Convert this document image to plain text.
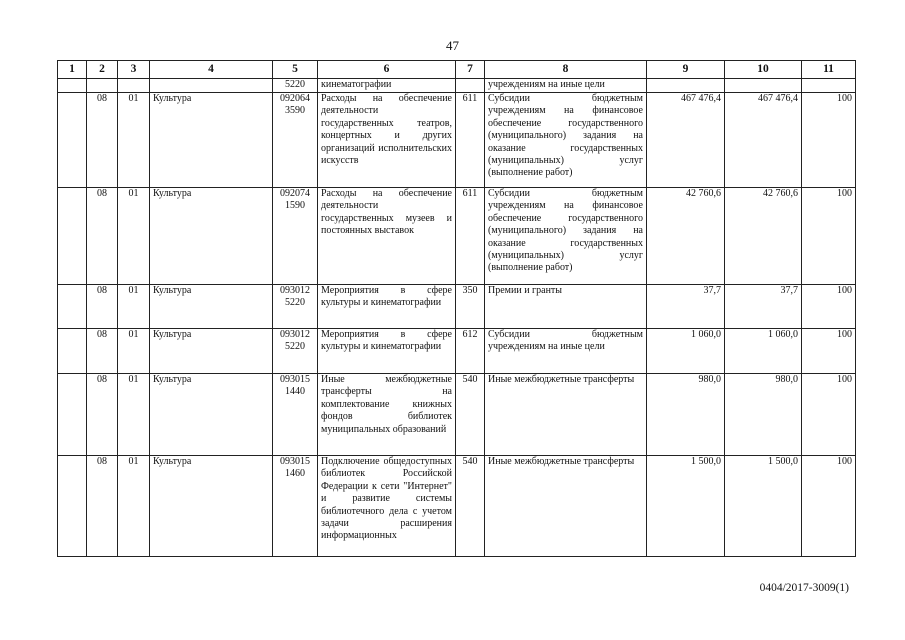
47
1	2	3	4	5	6	7	8	9	10	11
				5220	кинематографии		учреждениям на иные цели			
	08	01	Культура	092064 3590	Расходы на обеспечение деятельности государственных театров, концертных и других организаций исполнительских искусств	611	Субсидии бюджетным учреждениям на финансовое обеспечение государственного (муниципального) задания на оказание государственных (муниципальных) услуг (выполнение работ)	467 476,4	467 476,4	100
	08	01	Культура	092074 1590	Расходы на обеспечение деятельности государственных музеев и постоянных выставок	611	Субсидии бюджетным учреждениям на финансовое обеспечение государственного (муниципального) задания на оказание государственных (муниципальных) услуг (выполнение работ)	42 760,6	42 760,6	100
	08	01	Культура	093012 5220	Мероприятия в сфере культуры и кинематографии	350	Премии и гранты	37,7	37,7	100
	08	01	Культура	093012 5220	Мероприятия в сфере культуры и кинематографии	612	Субсидии бюджетным учреждениям на иные цели	1 060,0	1 060,0	100
	08	01	Культура	093015 1440	Иные межбюджетные трансферты на комплектование книжных фондов библиотек муниципальных образований	540	Иные межбюджетные трансферты	980,0	980,0	100
	08	01	Культура	093015 1460	Подключение общедоступных библиотек Российской Федерации к сети "Интернет" и развитие системы библиотечного дела с учетом задачи расширения информационных	540	Иные межбюджетные трансферты	1 500,0	1 500,0	100
0404/2017-3009(1)
